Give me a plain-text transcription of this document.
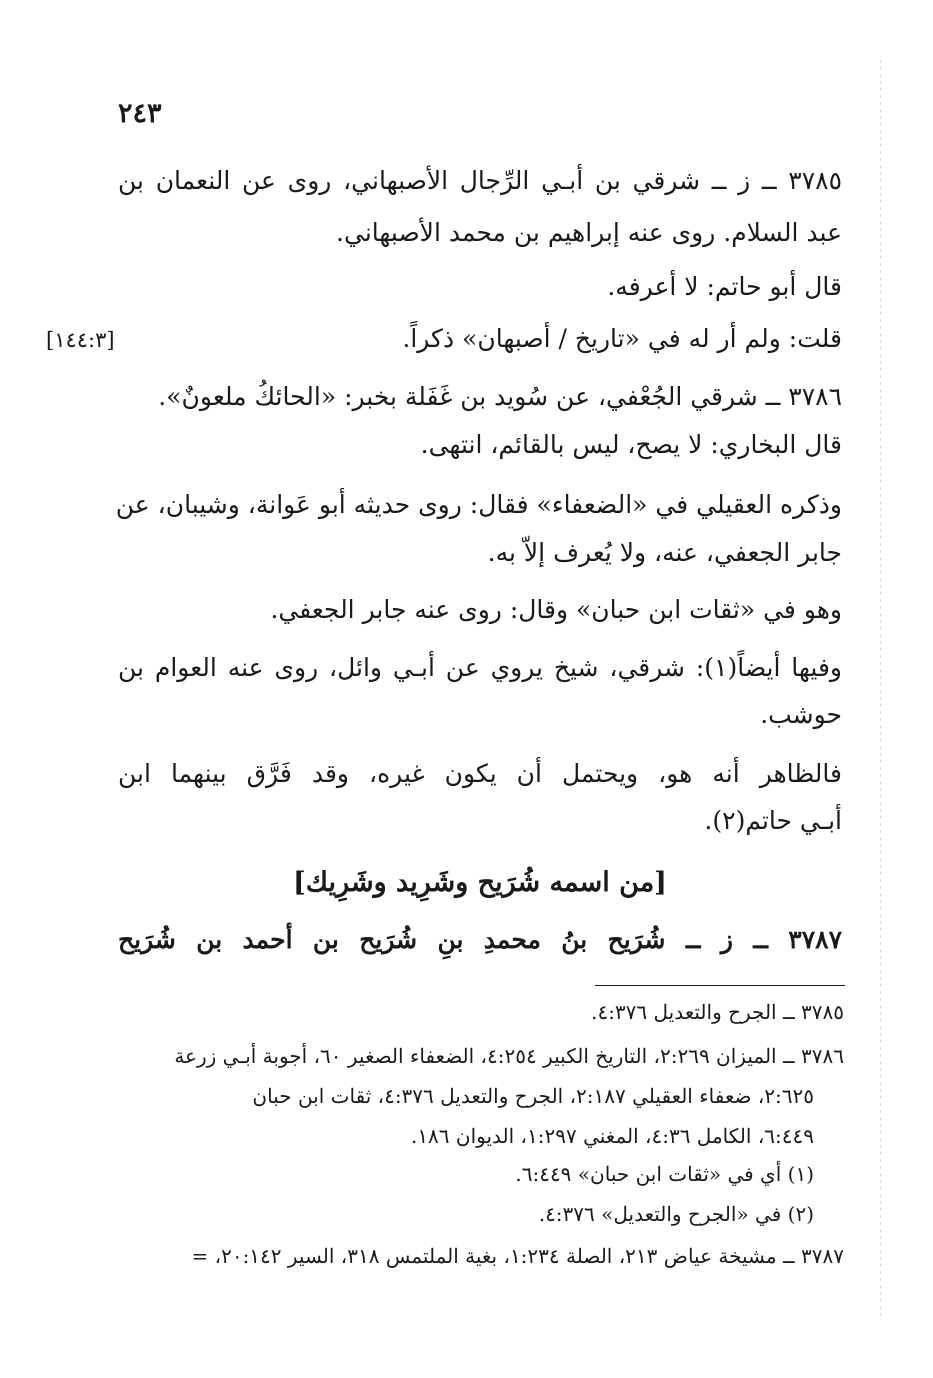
٢٤٣
٣٧٨٥ ــ ز ــ شرقي بن أبـي الرِّجال الأصبهاني، روى عن النعمان بن
عبد السلام. روى عنه إبراهيم بن محمد الأصبهاني.
قال أبو حاتم: لا أعرفه.
قلت: ولم أر له في «تاريخ / أصبهان» ذكراً.
[١٤٤:٣]
٣٧٨٦ ــ شرقي الجُعْفي، عن سُويد بن غَفَلة بخبر: «الحائكُ ملعونٌ».
قال البخاري: لا يصح، ليس بالقائم، انتهى.
وذكره العقيلي في «الضعفاء» فقال: روى حديثه أبو عَوانة، وشيبان، عن
جابر الجعفي، عنه، ولا يُعرف إلاّ به.
وهو في «ثقات ابن حبان» وقال: روى عنه جابر الجعفي.
وفيها أيضاً(١): شرقي، شيخ يروي عن أبـي وائل، روى عنه العوام بن
حوشب.
فالظاهر أنه هو، ويحتمل أن يكون غيره، وقد فَرَّق بينهما ابن
أبـي حاتم(٢).
[من اسمه شُرَيح وشَرِيد وشَرِيك]
٣٧٨٧ ــ ز ــ شُرَيح بنُ محمدِ بنِ شُرَيح بن أحمد بن شُرَيح
٣٧٨٥ ــ الجرح والتعديل ٤:٣٧٦.
٣٧٨٦ ــ الميزان ٢:٢٦٩، التاريخ الكبير ٤:٢٥٤، الضعفاء الصغير ٦٠، أجوبة أبـي زرعة
٢:٦٢٥، ضعفاء العقيلي ٢:١٨٧، الجرح والتعديل ٤:٣٧٦، ثقات ابن حبان
٦:٤٤٩، الكامل ٤:٣٦، المغني ١:٢٩٧، الديوان ١٨٦.
(١) أي في «ثقات ابن حبان» ٦:٤٤٩.
(٢) في «الجرح والتعديل» ٤:٣٧٦.
٣٧٨٧ ــ مشيخة عياض ٢١٣، الصلة ١:٢٣٤، بغية الملتمس ٣١٨، السير ٢٠:١٤٢، =
